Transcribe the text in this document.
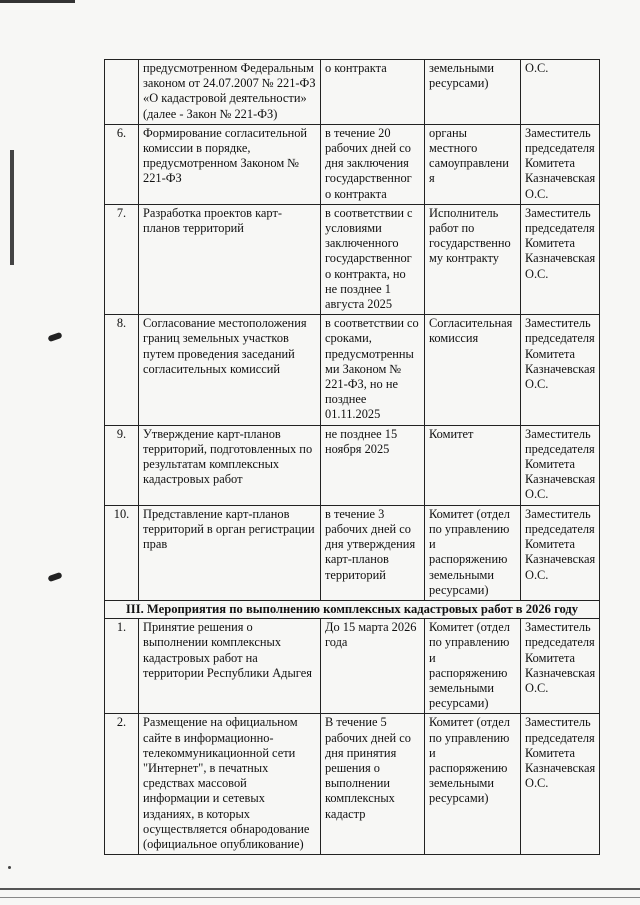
	предусмотренном Федеральным законом от 24.07.2007 № 221-ФЗ «О кадастровой деятельности» (далее - Закон № 221-ФЗ)	о контракта	земельными ресурсами)	О.С.
6.	Формирование согласительной комиссии в порядке, предусмотренном Законом № 221-ФЗ	в течение 20 рабочих дней со дня заключения государственног о контракта	органы местного самоуправлени я	Заместитель председателя Комитета Казначевская О.С.
7.	Разработка проектов карт-планов территорий	в соответствии с условиями заключенного государственног о контракта, но не позднее 1 августа 2025	Исполнитель работ по государственно му контракту	Заместитель председателя Комитета Казначевская О.С.
8.	Согласование местоположения границ земельных участков путем проведения заседаний согласительных комиссий	в соответствии со сроками, предусмотренны ми Законом № 221-ФЗ, но не позднее 01.11.2025	Согласительная комиссия	Заместитель председателя Комитета Казначевская О.С.
9.	Утверждение карт-планов территорий, подготовленных по результатам комплексных кадастровых работ	не позднее 15 ноября 2025	Комитет	Заместитель председателя Комитета Казначевская О.С.
10.	Представление карт-планов территорий в орган регистрации прав	в течение 3 рабочих дней со дня утверждения карт-планов территорий	Комитет (отдел по управлению и распоряжению земельными ресурсами)	Заместитель председателя Комитета Казначевская О.С.
III. Мероприятия по выполнению комплексных кадастровых работ в 2026 году				
1.	Принятие решения о выполнении комплексных кадастровых работ на территории Республики Адыгея	До 15 марта 2026 года	Комитет (отдел по управлению и распоряжению земельными ресурсами)	Заместитель председателя Комитета Казначевская О.С.
2.	Размещение на официальном сайте в информационно-телекоммуникационной сети "Интернет", в печатных средствах массовой информации и сетевых изданиях, в которых осуществляется обнародование (официальное опубликование)	В течение 5 рабочих дней со дня принятия решения о выполнении комплексных кадастр	Комитет (отдел по управлению и распоряжению земельными ресурсами)	Заместитель председателя Комитета Казначевская О.С.
